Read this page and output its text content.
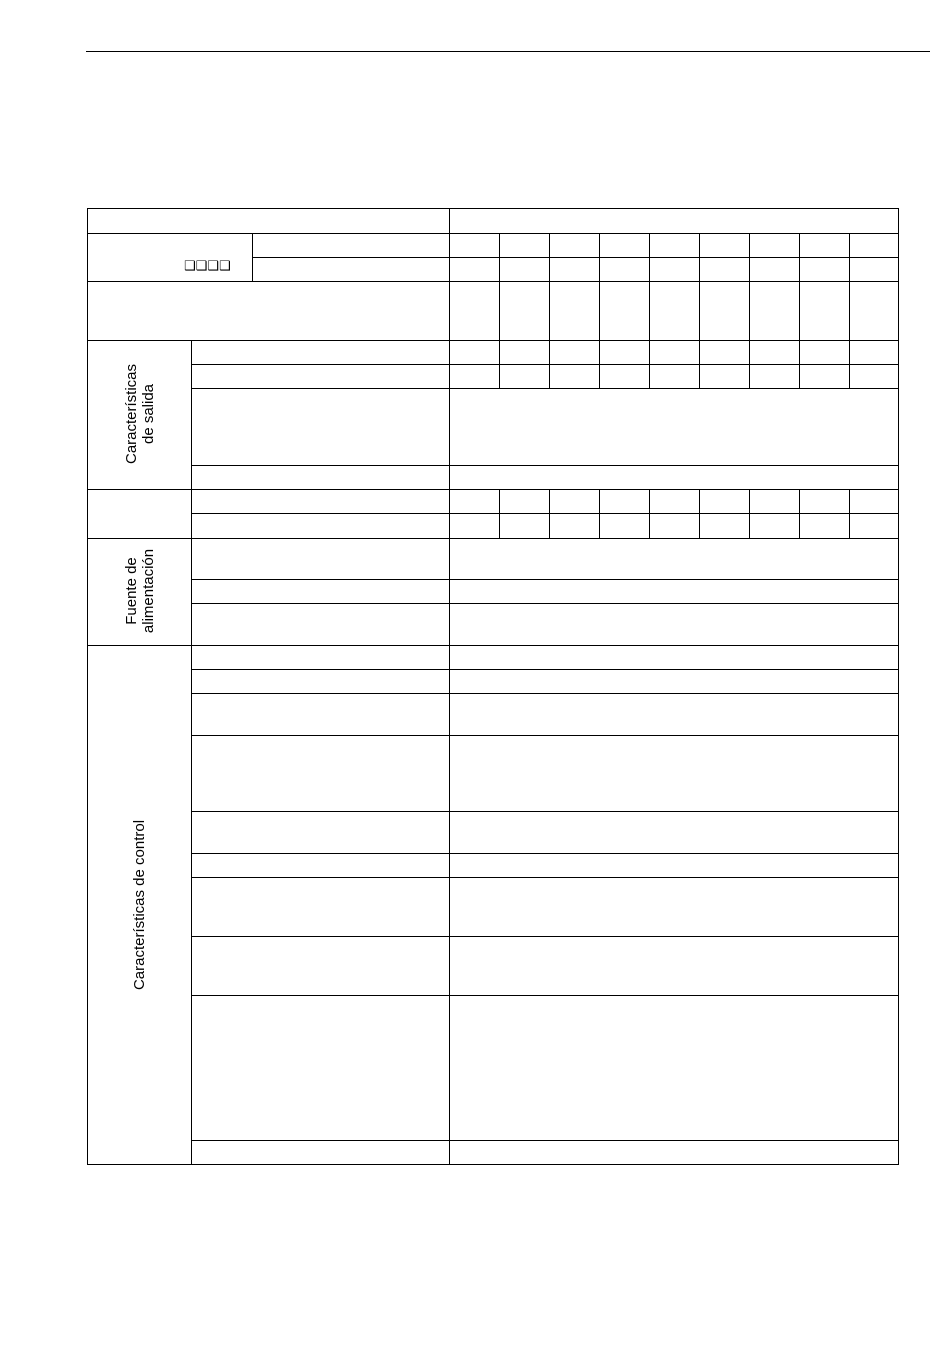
❑❑❑❑
Características de salida
Fuente de alimentación
Características de control
